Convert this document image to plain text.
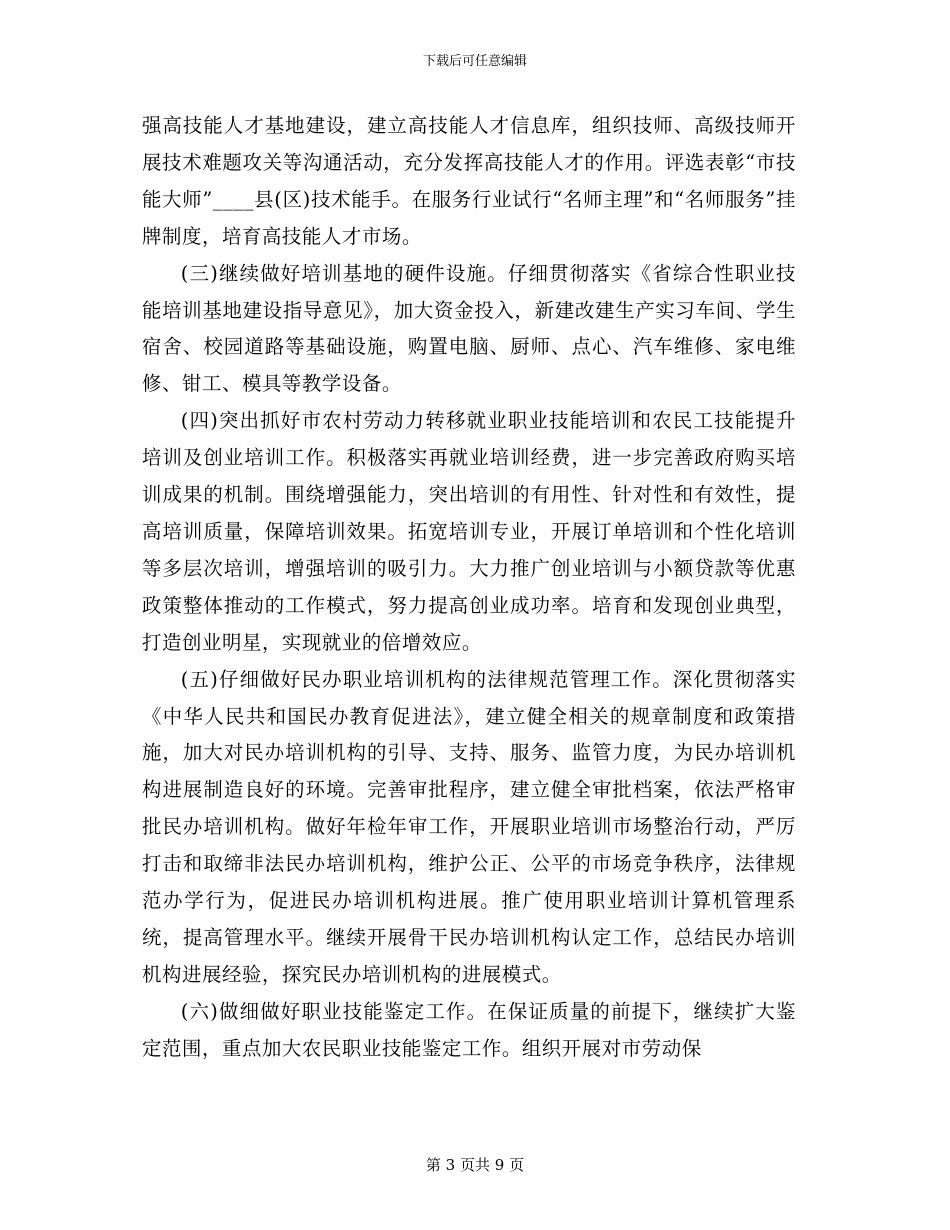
下载后可任意编辑

强高技能人才基地建设，建立高技能人才信息库，组织技师、高级技师开展技术难题攻关等沟通活动，充分发挥高技能人才的作用。评选表彰“市技能大师”____县(区)技术能手。在服务行业试行“名师主理”和“名师服务”挂牌制度，培育高技能人才市场。

(三)继续做好培训基地的硬件设施。仔细贯彻落实《省综合性职业技能培训基地建设指导意见》，加大资金投入，新建改建生产实习车间、学生宿舍、校园道路等基础设施，购置电脑、厨师、点心、汽车维修、家电维修、钳工、模具等教学设备。

(四)突出抓好市农村劳动力转移就业职业技能培训和农民工技能提升培训及创业培训工作。积极落实再就业培训经费，进一步完善政府购买培训成果的机制。围绕增强能力，突出培训的有用性、针对性和有效性，提高培训质量，保障培训效果。拓宽培训专业，开展订单培训和个性化培训等多层次培训，增强培训的吸引力。大力推广创业培训与小额贷款等优惠政策整体推动的工作模式，努力提高创业成功率。培育和发现创业典型，打造创业明星，实现就业的倍增效应。

(五)仔细做好民办职业培训机构的法律规范管理工作。深化贯彻落实《中华人民共和国民办教育促进法》，建立健全相关的规章制度和政策措施，加大对民办培训机构的引导、支持、服务、监管力度，为民办培训机构进展制造良好的环境。完善审批程序，建立健全审批档案，依法严格审批民办培训机构。做好年检年审工作，开展职业培训市场整治行动，严厉打击和取缔非法民办培训机构，维护公正、公平的市场竞争秩序，法律规范办学行为，促进民办培训机构进展。推广使用职业培训计算机管理系统，提高管理水平。继续开展骨干民办培训机构认定工作，总结民办培训机构进展经验，探究民办培训机构的进展模式。

(六)做细做好职业技能鉴定工作。在保证质量的前提下，继续扩大鉴定范围，重点加大农民职业技能鉴定工作。组织开展对市劳动保

第 3 页共 9 页
